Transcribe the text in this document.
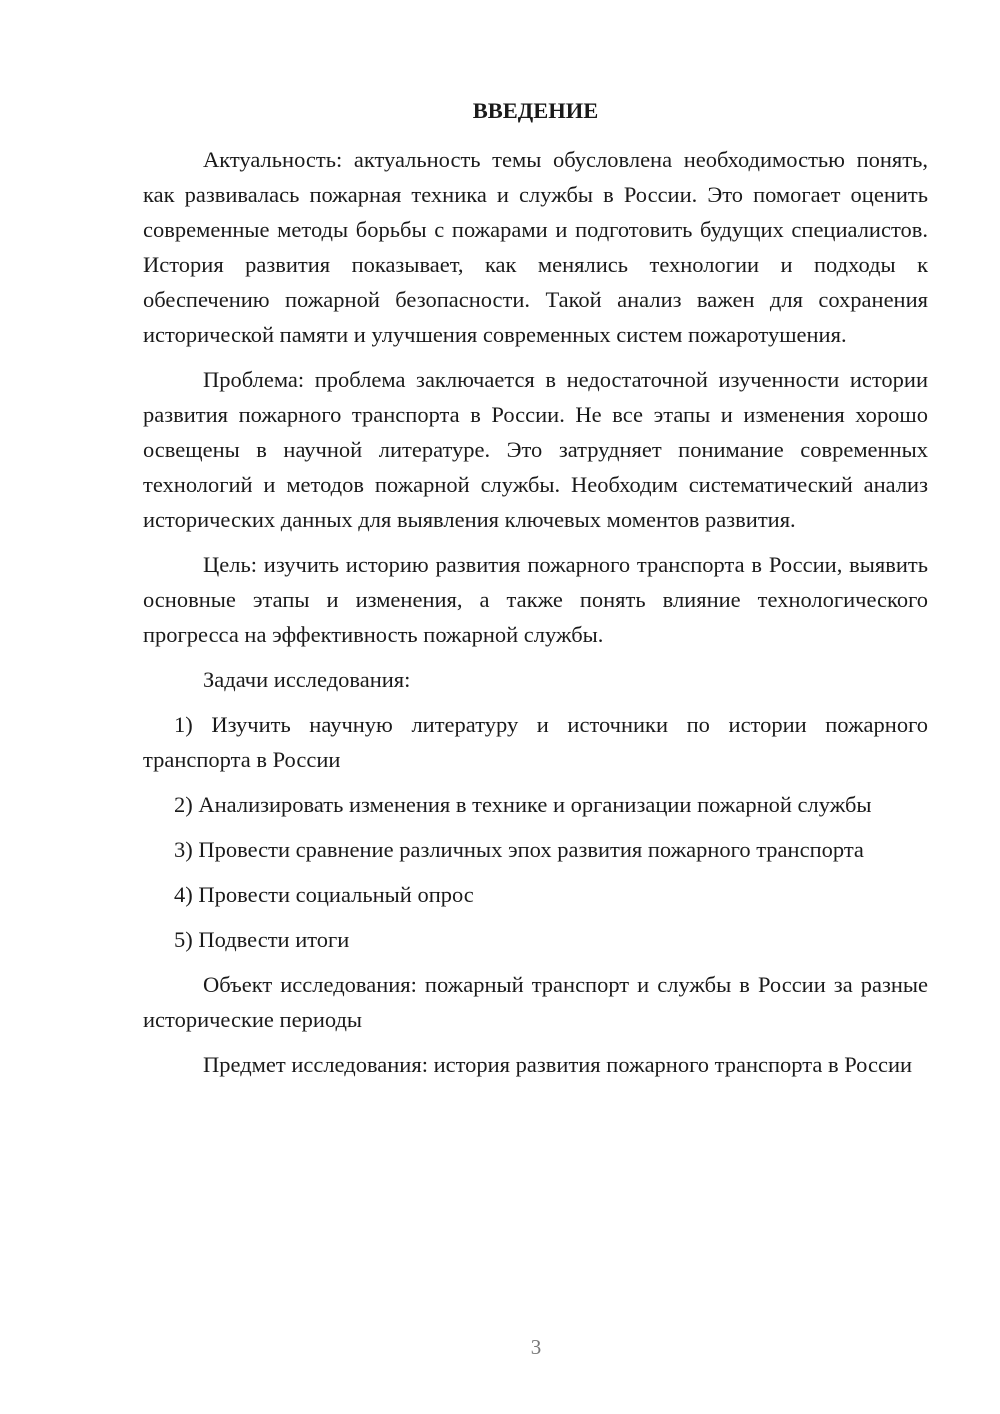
ВВЕДЕНИЕ

Актуальность: актуальность темы обусловлена необходимостью понять, как развивалась пожарная техника и службы в России. Это помогает оценить современные методы борьбы с пожарами и подготовить будущих специалистов. История развития показывает, как менялись технологии и подходы к обеспечению пожарной безопасности. Такой анализ важен для сохранения исторической памяти и улучшения современных систем пожаротушения.

Проблема: проблема заключается в недостаточной изученности истории развития пожарного транспорта в России. Не все этапы и изменения хорошо освещены в научной литературе. Это затрудняет понимание современных технологий и методов пожарной службы. Необходим систематический анализ исторических данных для выявления ключевых моментов развития.

Цель: изучить историю развития пожарного транспорта в России, выявить основные этапы и изменения, а также понять влияние технологического прогресса на эффективность пожарной службы.

Задачи исследования:

1) Изучить научную литературу и источники по истории пожарного транспорта в России

2) Анализировать изменения в технике и организации пожарной службы

3) Провести сравнение различных эпох развития пожарного транспорта

4) Провести социальный опрос

5) Подвести итоги

Объект исследования: пожарный транспорт и службы в России за разные исторические периоды

Предмет исследования: история развития пожарного транспорта в России

3
